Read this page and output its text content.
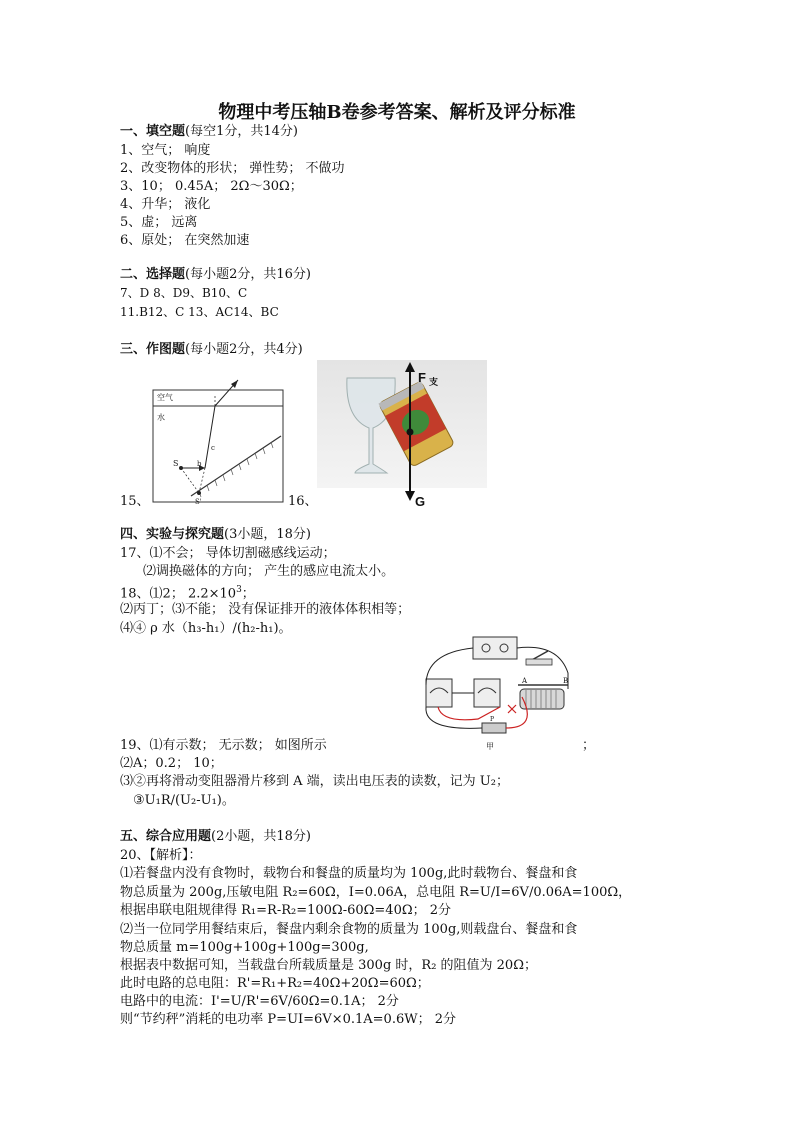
物理中考压轴B卷参考答案、解析及评分标准
一、填空题(每空1分，共14分)
1、空气； 响度
2、改变物体的形状； 弹性势； 不做功
3、10； 0.45A； 2Ω～30Ω；
4、升华； 液化
5、虚； 远离
6、原处； 在突然加速
二、选择题(每小题2分，共16分)
7、D 8、D9、B10、C
11.B12、C 13、AC14、BC
三、作图题(每小题2分，共4分)
空气
水
S
S'
b
c
15、
F 支
G
16、
四、实验与探究题(3小题，18分)
17、⑴不会； 导体切割磁感线运动；
⑵调换磁体的方向； 产生的感应电流太小。
18、⑴2； $2.2\times 10^3$；
⑵丙丁；⑶不能； 没有保证排开的液体体积相等；
⑷④ ρ 水（h₃-h₁）/(h₂-h₁)。
A	B
P
甲
19、⑴有示数； 无示数； 如图所示	；
⑵A；0.2； 10；
⑶②再将滑动变阻器滑片移到 A 端，读出电压表的读数，记为 U₂；
③U₁R/(U₂-U₁)。
五、综合应用题(2小题，共18分)
20、【解析】：
⑴若餐盘内没有食物时，载物台和餐盘的质量均为 100g,此时载物台、餐盘和食
物总质量为 200g,压敏电阻 R₂=60Ω，I=0.06A，总电阻 R=U/I=6V/0.06A=100Ω，
根据串联电阻规律得 R₁=R-R₂=100Ω-60Ω=40Ω； 2分
⑵当一位同学用餐结束后，餐盘内剩余食物的质量为 100g,则载盘台、餐盘和食
物总质量 m=100g+100g+100g=300g,
根据表中数据可知，当载盘台所载质量是 300g 时，R₂ 的阻值为 20Ω；
此时电路的总电阻：R'=R₁+R₂=40Ω+20Ω=60Ω；
电路中的电流：I'=U/R'=6V/60Ω=0.1A； 2分
则“节约秤”消耗的电功率 P=UI=6V×0.1A=0.6W； 2分
